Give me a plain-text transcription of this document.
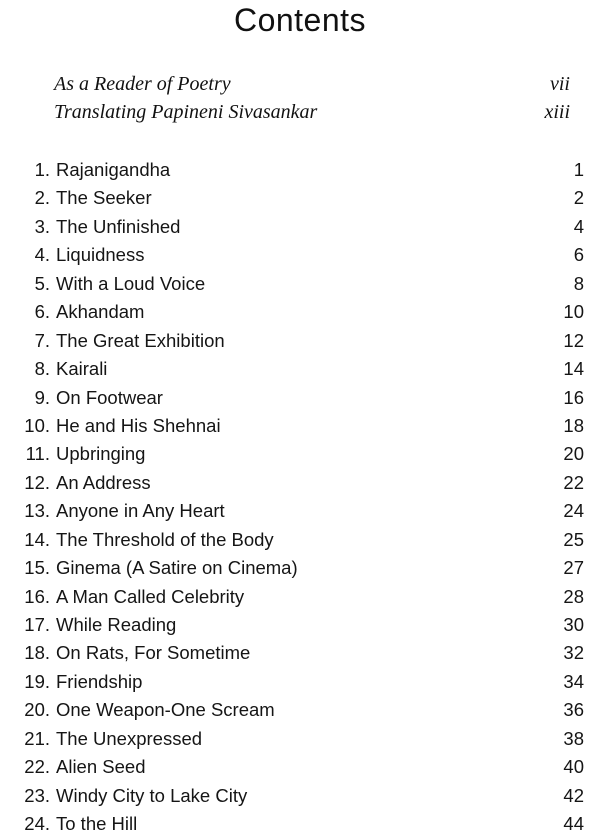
Contents
As a Reader of Poetry	vii
Translating Papineni Sivasankar	xiii
1. Rajanigandha	1
2. The Seeker	2
3. The Unfinished	4
4. Liquidness	6
5. With a Loud Voice	8
6. Akhandam	10
7. The Great Exhibition	12
8. Kairali	14
9. On Footwear	16
10. He and His Shehnai	18
11. Upbringing	20
12. An Address	22
13. Anyone in Any Heart	24
14. The Threshold of the Body	25
15. Ginema (A Satire on Cinema)	27
16. A Man Called Celebrity	28
17. While Reading	30
18. On Rats, For Sometime	32
19. Friendship	34
20. One Weapon-One Scream	36
21. The Unexpressed	38
22. Alien Seed	40
23. Windy City to Lake City	42
24. To the Hill	44
